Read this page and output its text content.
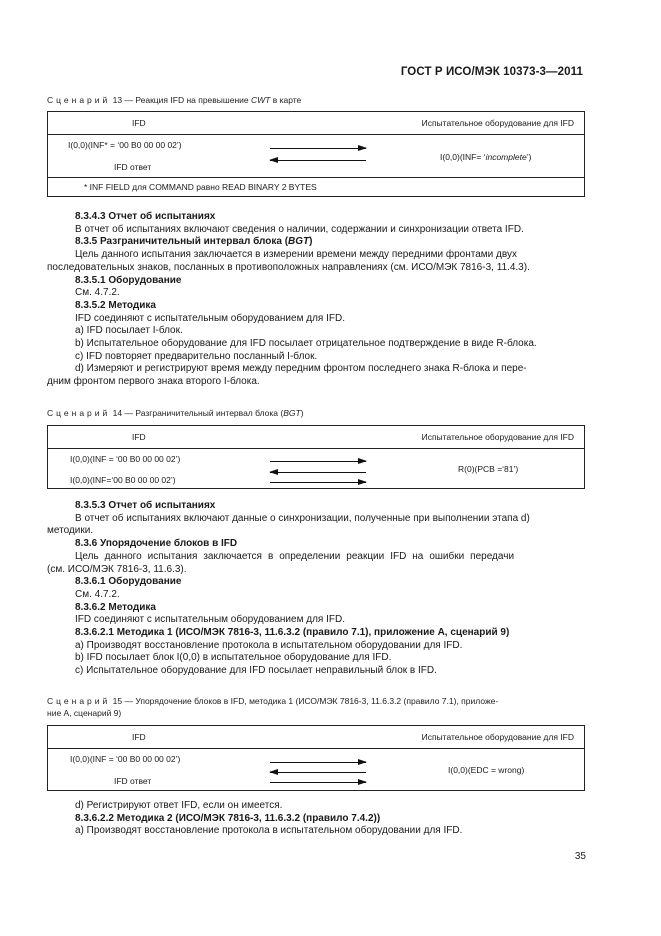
ГОСТ Р ИСО/МЭК 10373-3—2011
Сценарий 13 — Реакция IFD на превышение CWT в карте
IFD	Испытательное оборудование для IFD
I(0,0)(INF* = ‘00 B0 00 00 02’)
IFD ответ
I(0,0)(INF= ‘incomplete’)
* INF FIELD для COMMAND равно READ BINARY 2 BYTES

8.3.4.3 Отчет об испытаниях

В отчет об испытаниях включают сведения о наличии, содержании и синхронизации ответа IFD.

8.3.5 Разграничительный интервал блока (BGT)

Цель данного испытания заключается в измерении времени между передними фронтами двух

последовательных знаков, посланных в противоположных направлениях (см. ИСО/МЭК 7816-3, 11.4.3).

8.3.5.1 Оборудование

См. 4.7.2.

8.3.5.2 Методика

IFD соединяют с испытательным оборудованием для IFD.

а) IFD посылает I-блок.

b) Испытательное оборудование для IFD посылает отрицательное подтверждение в виде R-блока.

с) IFD повторяет предварительно посланный I-блок.

d) Измеряют и регистрируют время между передним фронтом последнего знака R-блока и пере-

дним фронтом первого знака второго I-блока.

Сценарий 14 — Разграничительный интервал блока (BGT)
IFD	Испытательное оборудование для IFD
I(0,0)(INF = ‘00 B0 00 00 02’)
I(0,0)(INF=‘00 B0 00 00 02’)
R(0)(PCB =‘81’)

8.3.5.3 Отчет об испытаниях

В отчет об испытаниях включают данные о синхронизации, полученные при выполнении этапа d)

методики.

8.3.6 Упорядочение блоков в IFD

Цель данного испытания заключается в определении реакции IFD на ошибки передачи

(см. ИСО/МЭК 7816-3, 11.6.3).

8.3.6.1 Оборудование

См. 4.7.2.

8.3.6.2 Методика

IFD соединяют с испытательным оборудованием для IFD.

8.3.6.2.1 Методика 1 (ИСО/МЭК 7816-3, 11.6.3.2 (правило 7.1), приложение А, сценарий 9)

а) Производят восстановление протокола в испытательном оборудовании для IFD.

b) IFD посылает блок I(0,0) в испытательное оборудование для IFD.

с) Испытательное оборудование для IFD посылает неправильный блок в IFD.

Сценарий 15 — Упорядочение блоков в IFD, методика 1 (ИСО/МЭК 7816-3, 11.6.3.2 (правило 7.1), приложе-
ние А, сценарий 9)
IFD	Испытательное оборудование для IFD
I(0,0)(INF = ‘00 B0 00 00 02’)
IFD ответ
I(0,0)(EDC = wrong)

d) Регистрируют ответ IFD, если он имеется.

8.3.6.2.2 Методика 2 (ИСО/МЭК 7816-3, 11.6.3.2 (правило 7.4.2))

а) Производят восстановление протокола в испытательном оборудовании для IFD.

35
